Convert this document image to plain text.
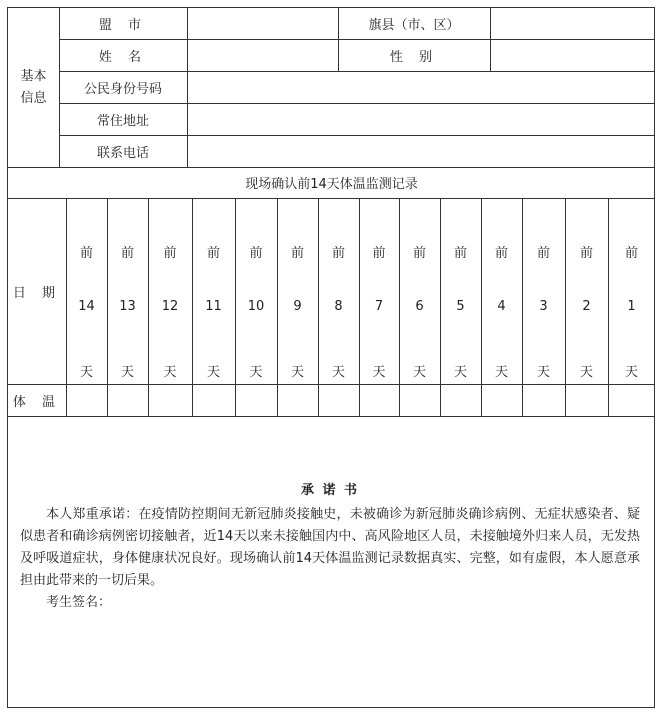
基本
信息
盟 市	旗县（市、区）
姓 名	性 别
公民身份号码
常住地址
联系电话
现场确认前14天体温监测记录
日 期
前
14
天
前
13
天
前
12
天
前
11
天
前
10
天
前
9
天
前
8
天
前
7
天
前
6
天
前
5
天
前
4
天
前
3
天
前
2
天
前
1
天
体 温
承 诺 书
本人郑重承诺：在疫情防控期间无新冠肺炎接触史，未被确诊为新冠肺炎确诊病例、无症状感染者、疑似患者和确诊病例密切接触者，近14天以来未接触国内中、高风险地区人员，未接触境外归来人员，无发热及呼吸道症状，身体健康状况良好。现场确认前14天体温监测记录数据真实、完整，如有虚假，本人愿意承担由此带来的一切后果。
考生签名：
